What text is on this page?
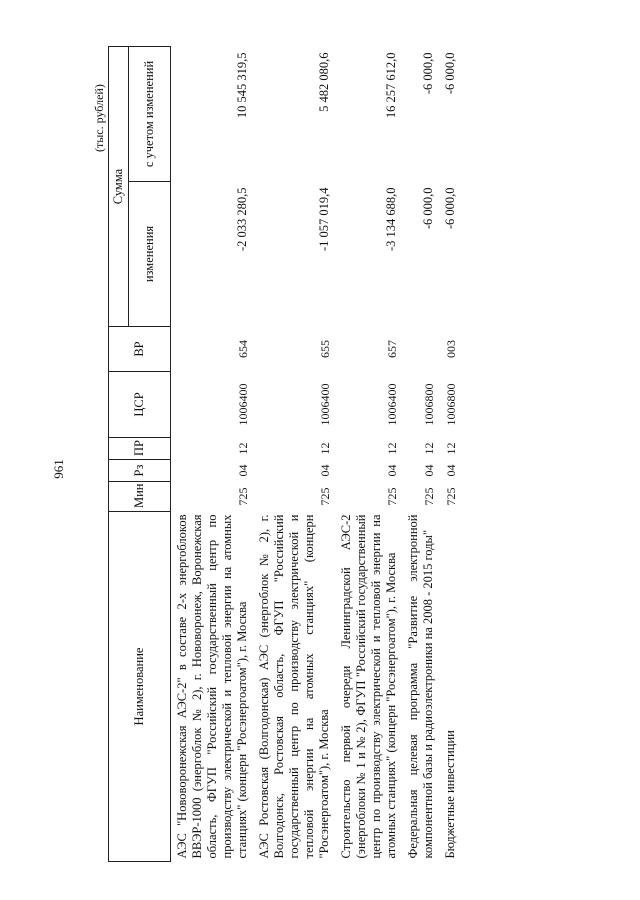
961
(тыс. рублей)
Наименование	Мин	Рз	ПР	ЦСР	ВР	Сумма	
						изменения	с учетом изменений
АЭС "Нововоронежская АЭС-2" в составе 2-х энергоблоков ВВЭР-1000 (энергоблок № 2), г. Нововоронеж, Воронежская область, ФГУП "Российский государственный центр по производству электрической и тепловой энергии на атомных станциях" (концерн "Росэнергоатом"), г. Москва	725	04	12	1006400	654	-2 033 280,5	10 545 319,5
АЭС Ростовская (Волгодонская) АЭС (энергоблок № 2), г. Волгодонск, Ростовская область, ФГУП "Российский государственный центр по производству электрической и тепловой энергии на атомных станциях" (концерн "Росэнергоатом"), г. Москва	725	04	12	1006400	655	-1 057 019,4	5 482 080,6
Строительство первой очереди Ленинградской АЭС-2 (энергоблоки № 1 и № 2), ФГУП "Российский государственный центр по производству электрической и тепловой энергии на атомных станциях" (концерн "Росэнергоатом"), г. Москва	725	04	12	1006400	657	-3 134 688,0	16 257 612,0
Федеральная целевая программа "Развитие электронной компонентной базы и радиоэлектроники на 2008 - 2015 годы"	725	04	12	1006800		-6 000,0	-6 000,0
Бюджетные инвестиции	725	04	12	1006800	003	-6 000,0	-6 000,0
